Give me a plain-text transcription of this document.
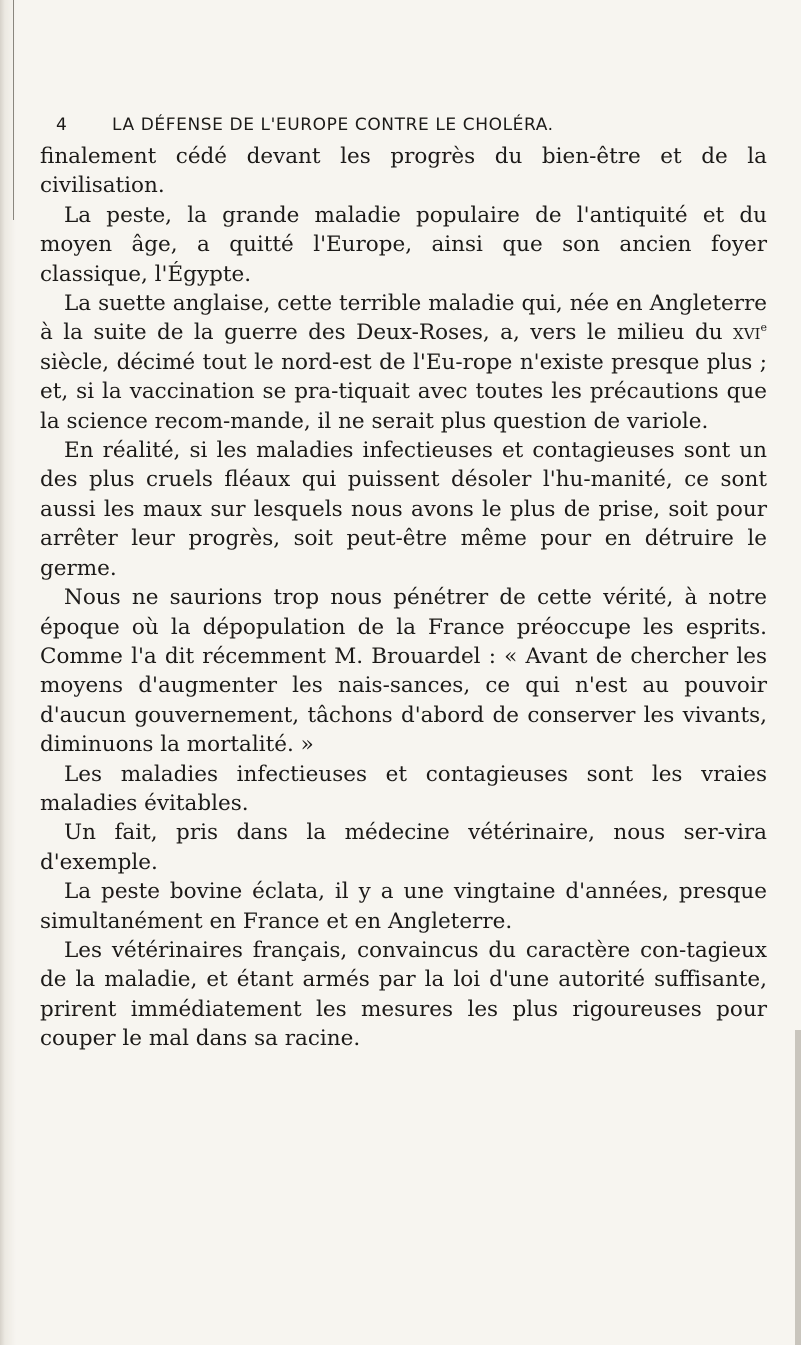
4	LA DÉFENSE DE L'EUROPE CONTRE LE CHOLÉRA.

finalement cédé devant les progrès du bien-être et de la civilisation.

La peste, la grande maladie populaire de l'antiquité et du moyen âge, a quitté l'Europe, ainsi que son ancien foyer classique, l'Égypte.

La suette anglaise, cette terrible maladie qui, née en Angleterre à la suite de la guerre des Deux-Roses, a, vers le milieu du xvi$^e$ siècle, décimé tout le nord-est de l'Eu-rope n'existe presque plus ; et, si la vaccination se pra-tiquait avec toutes les précautions que la science recom-mande, il ne serait plus question de variole.

En réalité, si les maladies infectieuses et contagieuses sont un des plus cruels fléaux qui puissent désoler l'hu-manité, ce sont aussi les maux sur lesquels nous avons le plus de prise, soit pour arrêter leur progrès, soit peut-être même pour en détruire le germe.

Nous ne saurions trop nous pénétrer de cette vérité, à notre époque où la dépopulation de la France préoccupe les esprits. Comme l'a dit récemment M. Brouardel : « Avant de chercher les moyens d'augmenter les nais-sances, ce qui n'est au pouvoir d'aucun gouvernement, tâchons d'abord de conserver les vivants, diminuons la mortalité. »

Les maladies infectieuses et contagieuses sont les vraies maladies évitables.

Un fait, pris dans la médecine vétérinaire, nous ser-vira d'exemple.

La peste bovine éclata, il y a une vingtaine d'années, presque simultanément en France et en Angleterre.

Les vétérinaires français, convaincus du caractère con-tagieux de la maladie, et étant armés par la loi d'une autorité suffisante, prirent immédiatement les mesures les plus rigoureuses pour couper le mal dans sa racine.
